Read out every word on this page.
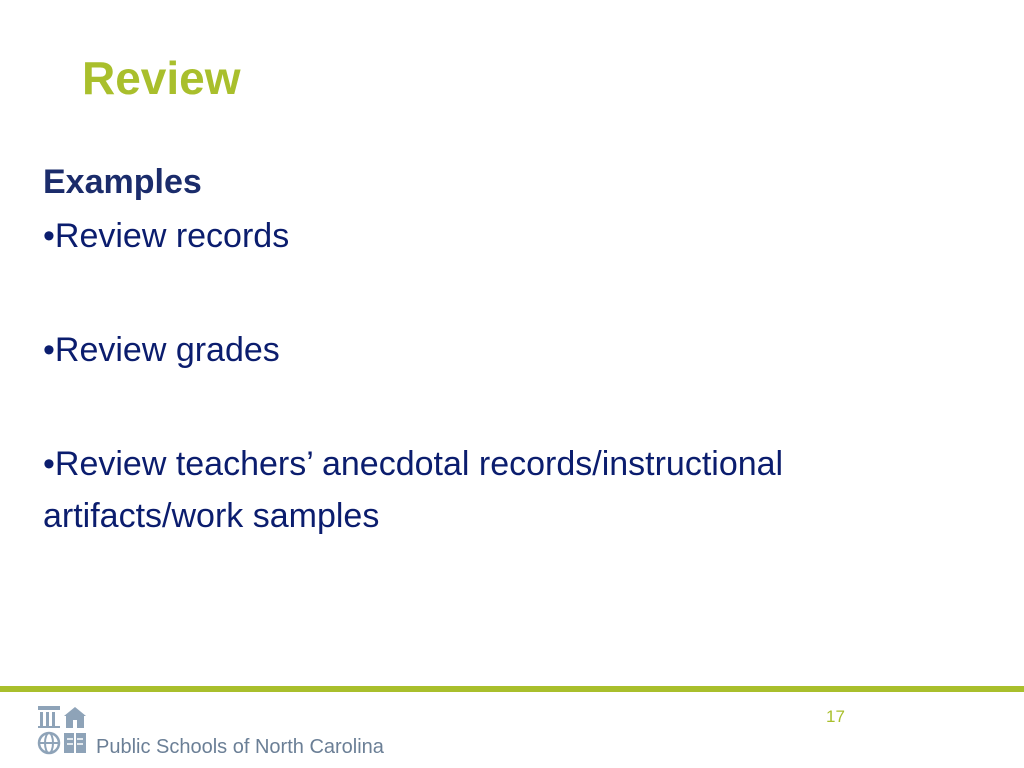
Review

Examples

•Review records
•Review grades
•Review teachers’ anecdotal records/instructional artifacts/work samples
Public Schools of North Carolina
17
